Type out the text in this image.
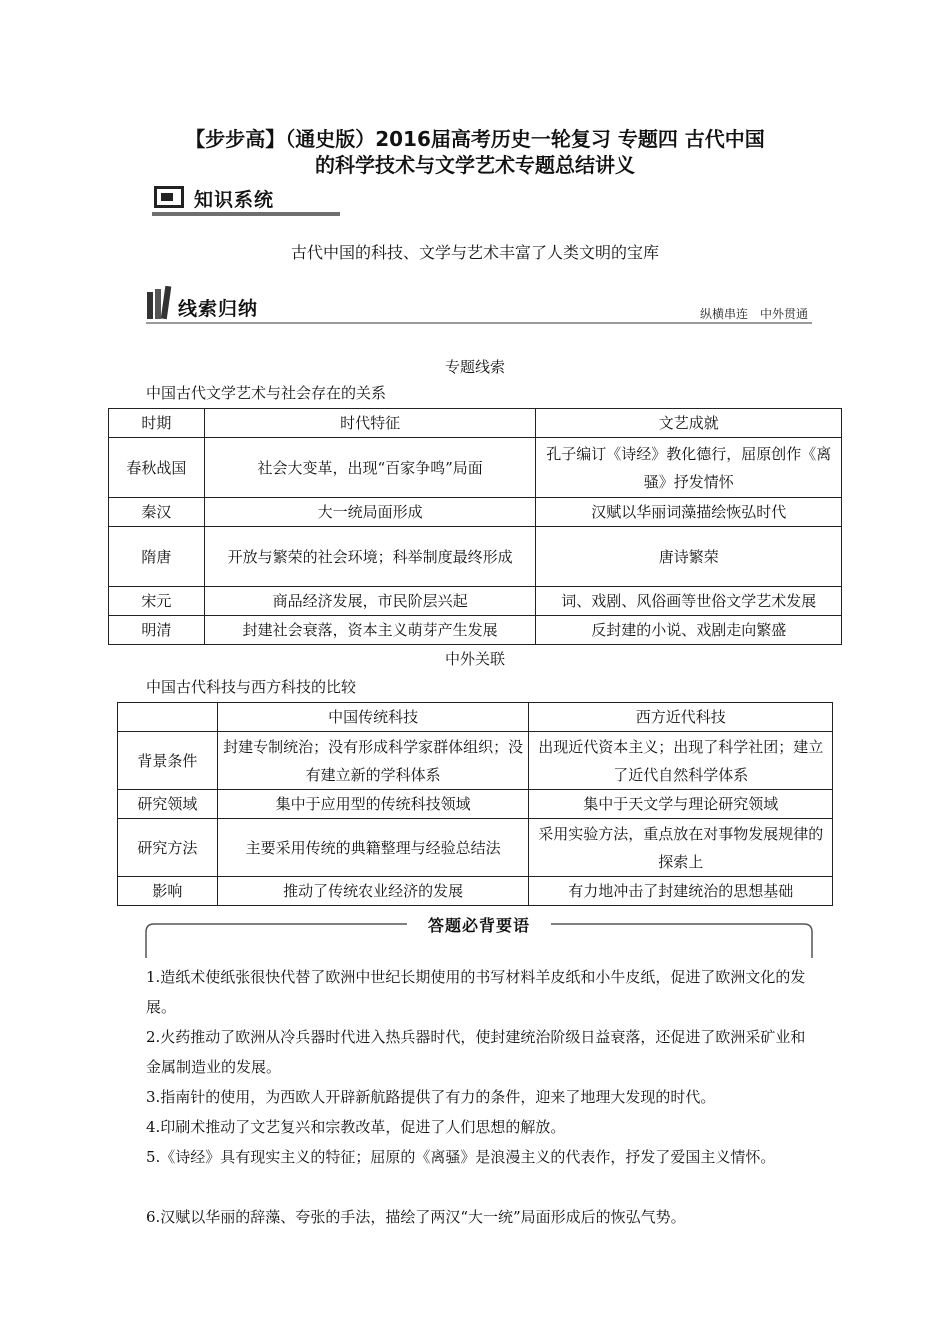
【步步高】（通史版）2016届高考历史一轮复习 专题四 古代中国
的科学技术与文学艺术专题总结讲义
知识系统
古代中国的科技、文学与艺术丰富了人类文明的宝库
线索归纳	纵横串连　中外贯通
专题线索
中国古代文学艺术与社会存在的关系
时期	时代特征	文艺成就
春秋战国	社会大变革，出现“百家争鸣”局面	孔子编订《诗经》教化德行，屈原创作《离骚》抒发情怀
秦汉	大一统局面形成	汉赋以华丽词藻描绘恢弘时代
隋唐	开放与繁荣的社会环境；科举制度最终形成	唐诗繁荣
宋元	商品经济发展，市民阶层兴起	词、戏剧、风俗画等世俗文学艺术发展
明清	封建社会衰落，资本主义萌芽产生发展	反封建的小说、戏剧走向繁盛
中外关联
中国古代科技与西方科技的比较
	中国传统科技	西方近代科技
背景条件	封建专制统治；没有形成科学家群体组织；没有建立新的学科体系	出现近代资本主义；出现了科学社团；建立了近代自然科学体系
研究领域	集中于应用型的传统科技领域	集中于天文学与理论研究领域
研究方法	主要采用传统的典籍整理与经验总结法	采用实验方法，重点放在对事物发展规律的探索上
影响	推动了传统农业经济的发展	有力地冲击了封建统治的思想基础
答题必背要语
1.造纸术使纸张很快代替了欧洲中世纪长期使用的书写材料羊皮纸和小牛皮纸，促进了欧洲文化的发展。
2.火药推动了欧洲从冷兵器时代进入热兵器时代，使封建统治阶级日益衰落，还促进了欧洲采矿业和金属制造业的发展。
3.指南针的使用，为西欧人开辟新航路提供了有力的条件，迎来了地理大发现的时代。
4.印刷术推动了文艺复兴和宗教改革，促进了人们思想的解放。
5.《诗经》具有现实主义的特征；屈原的《离骚》是浪漫主义的代表作，抒发了爱国主义情怀。
6.汉赋以华丽的辞藻、夸张的手法，描绘了两汉“大一统”局面形成后的恢弘气势。
